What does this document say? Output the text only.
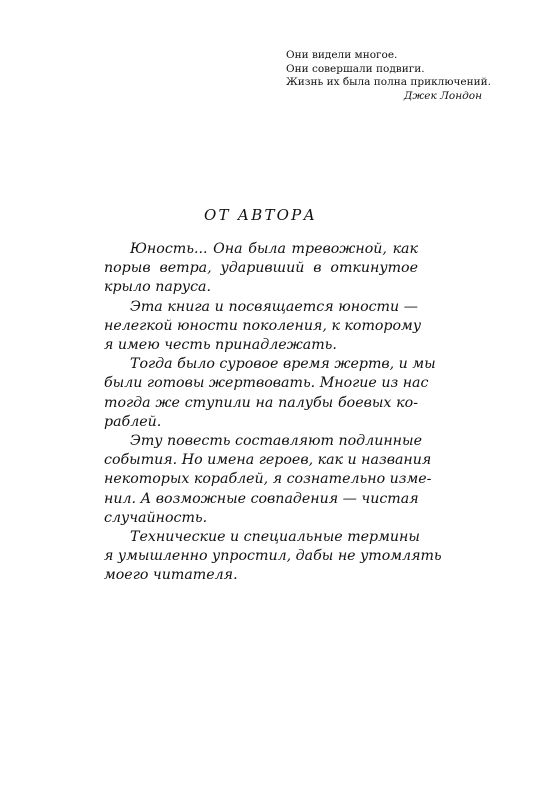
Они видели многое.
Они совершали подвиги.
Жизнь их была полна приключений.
Джек Лондон
ОТ АВТОРА
Юность... Она была тревожной, как
порыв ветра, ударивший в откинутое
крыло паруса.
Эта книга и посвящается юности —
нелегкой юности поколения, к которому
я имею честь принадлежать.
Тогда было суровое время жертв, и мы
были готовы жертвовать. Многие из нас
тогда же ступили на палубы боевых ко-
раблей.
Эту повесть составляют подлинные
события. Но имена героев, как и названия
некоторых кораблей, я сознательно изме-
нил. А возможные совпадения — чистая
случайность.
Технические и специальные термины
я умышленно упростил, дабы не утомлять
моего читателя.
